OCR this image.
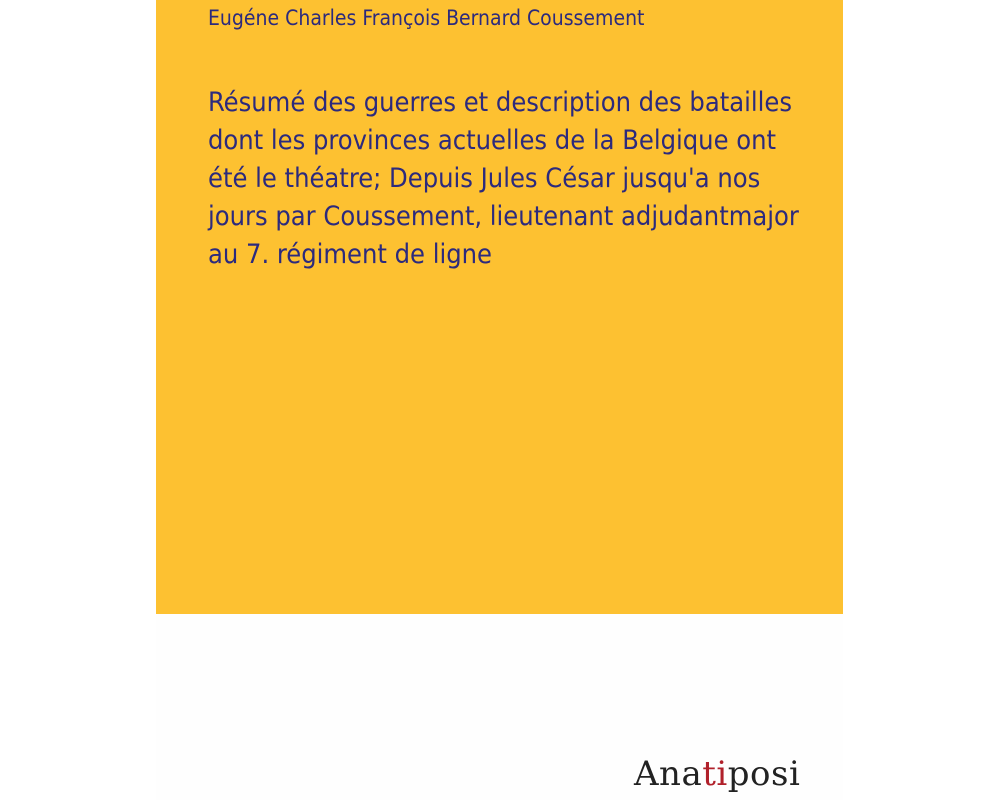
Eugéne Charles François Bernard Coussement
Résumé des guerres et description des batailles dont les provinces actuelles de la Belgique ont été le théatre; Depuis Jules César jusqu'a nos jours par Coussement, lieutenant adjudantmajor au 7. régiment de ligne
Anatiposi
